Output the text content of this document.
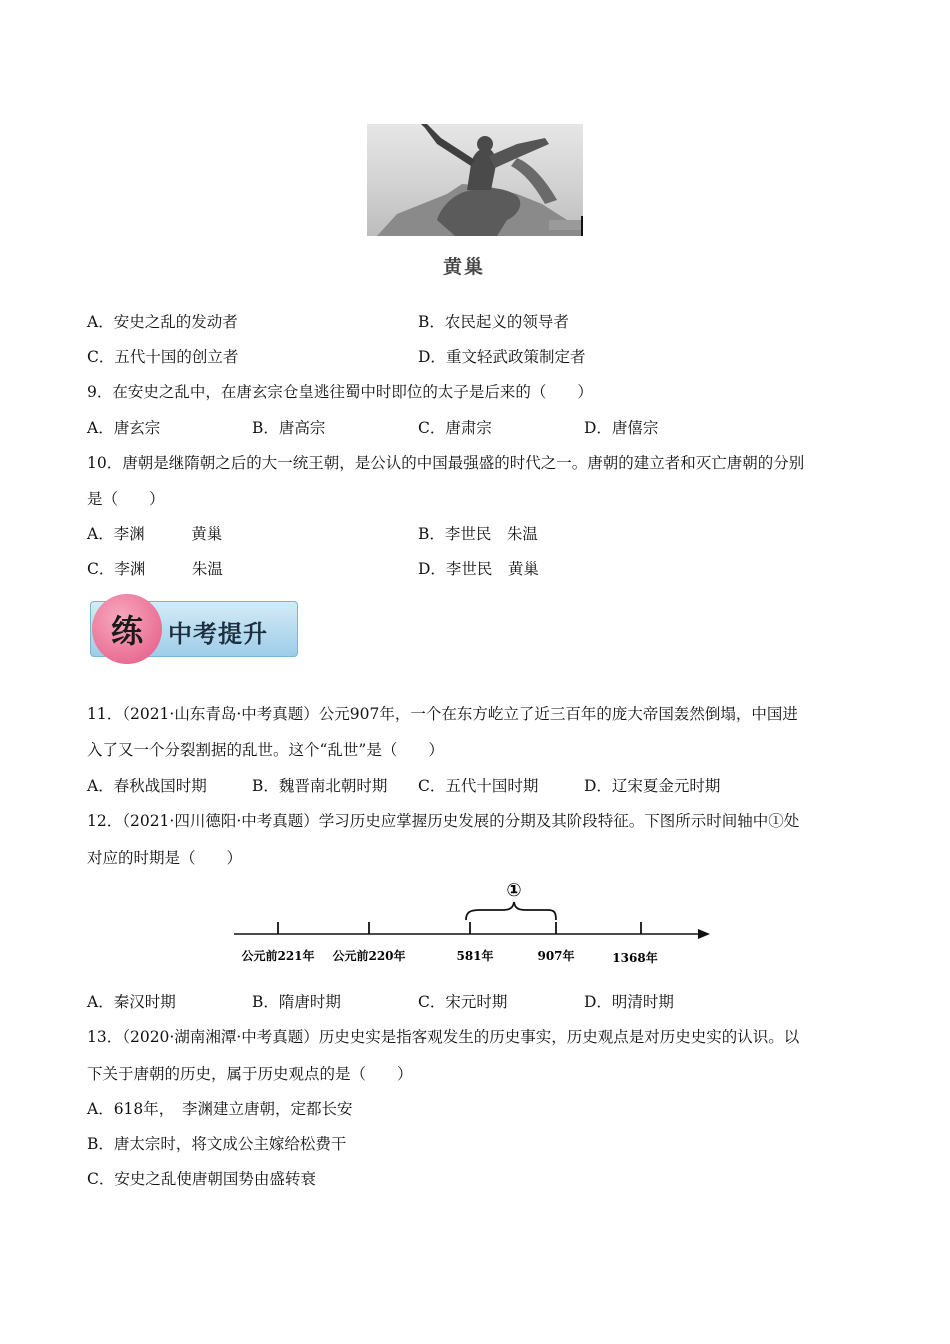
黄巢
A．安史之乱的发动者	B．农民起义的领导者
C．五代十国的创立者	D．重文轻武政策制定者
9．在安史之乱中，在唐玄宗仓皇逃往蜀中时即位的太子是后来的（　　）
A．唐玄宗	B．唐高宗	C．唐肃宗	D．唐僖宗
10．唐朝是继隋朝之后的大一统王朝，是公认的中国最强盛的时代之一。唐朝的建立者和灭亡唐朝的分别
是（　　）
A．李渊　　　黄巢	B．李世民　朱温
C．李渊　　　朱温	D．李世民　黄巢
练	中考提升
11．（2021·山东青岛·中考真题）公元907年，一个在东方屹立了近三百年的庞大帝国轰然倒塌，中国进
入了又一个分裂割据的乱世。这个“乱世”是（　　）
A．春秋战国时期	B．魏晋南北朝时期 C．五代十国时期	D．辽宋夏金元时期
12．（2021·四川德阳·中考真题）学习历史应掌握历史发展的分期及其阶段特征。下图所示时间轴中①处
对应的时期是（　　）
①
公元前221年 公元前220年	581年	907年	1368年
A．秦汉时期	B．隋唐时期	C．宋元时期	D．明清时期
13．（2020·湖南湘潭·中考真题）历史史实是指客观发生的历史事实，历史观点是对历史史实的认识。以
下关于唐朝的历史，属于历史观点的是（　　）
A．618年，　李渊建立唐朝，定都长安
B．唐太宗时，将文成公主嫁给松费干
C．安史之乱使唐朝国势由盛转衰
